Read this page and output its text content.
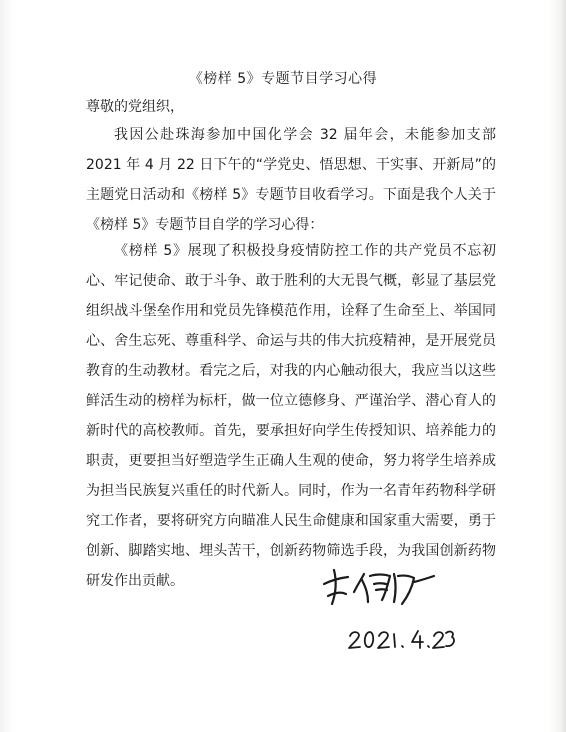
《榜样 5》专题节目学习心得
尊敬的党组织，

我因公赴珠海参加中国化学会 32 届年会，未能参加支部 2021 年 4 月 22 日下午的“学党史、悟思想、干实事、开新局”的主题党日活动和《榜样 5》专题节目收看学习。下面是我个人关于《榜样 5》专题节目自学的学习心得：

《榜样 5》展现了积极投身疫情防控工作的共产党员不忘初心、牢记使命、敢于斗争、敢于胜利的大无畏气概，彰显了基层党组织战斗堡垒作用和党员先锋模范作用，诠释了生命至上、举国同心、舍生忘死、尊重科学、命运与共的伟大抗疫精神，是开展党员教育的生动教材。看完之后，对我的内心触动很大，我应当以这些鲜活生动的榜样为标杆，做一位立德修身、严谨治学、潜心育人的新时代的高校教师。首先，要承担好向学生传授知识、培养能力的职责，更要担当好塑造学生正确人生观的使命，努力将学生培养成为担当民族复兴重任的时代新人。同时，作为一名青年药物科学研究工作者，要将研究方向瞄准人民生命健康和国家重大需要，勇于创新、脚踏实地、埋头苦干，创新药物筛选手段，为我国创新药物研发作出贡献。
